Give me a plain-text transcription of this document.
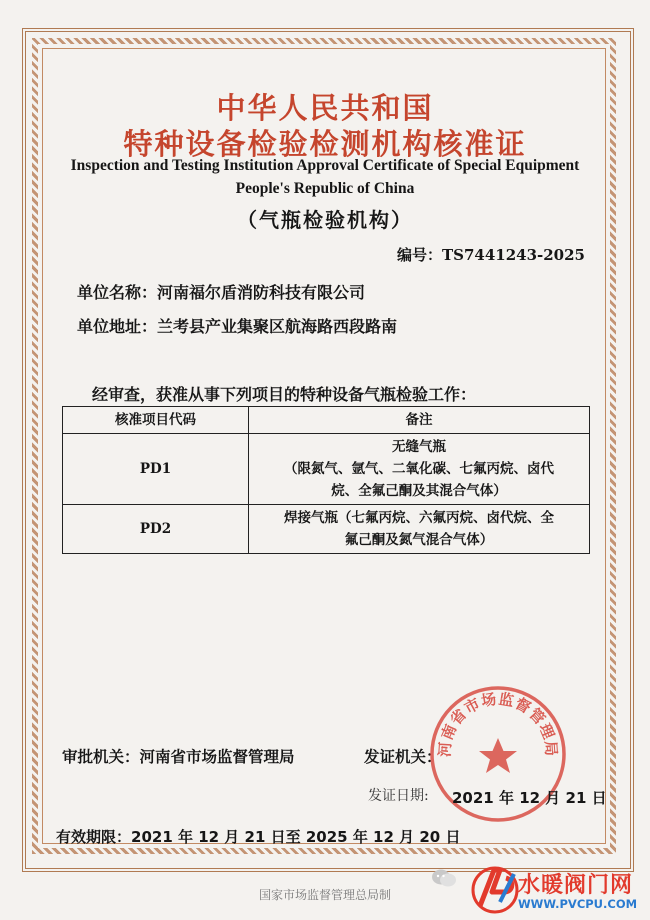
中华人民共和国
特种设备检验检测机构核准证
Inspection and Testing Institution Approval Certificate of Special Equipment
People's Republic of China
（气瓶检验机构）
编号：TS7441243-2025
单位名称：河南福尔盾消防科技有限公司
单位地址：兰考县产业集聚区航海路西段路南
经审查，获准从事下列项目的特种设备气瓶检验工作：
核准项目代码	备注
PD1	无缝气瓶
（限氮气、氩气、二氧化碳、七氟丙烷、卤代
烷、全氟己酮及其混合气体）

PD2	焊接气瓶（七氟丙烷、六氟丙烷、卤代烷、全
氟己酮及氮气混合气体）
审批机关：河南省市场监督管理局	发证机关：
河南省市场监督管理局
发证日期: 2021 年 12 月 21 日
有效期限：2021 年 12 月 21 日至 2025 年 12 月 20 日
国家市场监督管理总局制	水暖阀门网
WWW.PVCPU.COM
